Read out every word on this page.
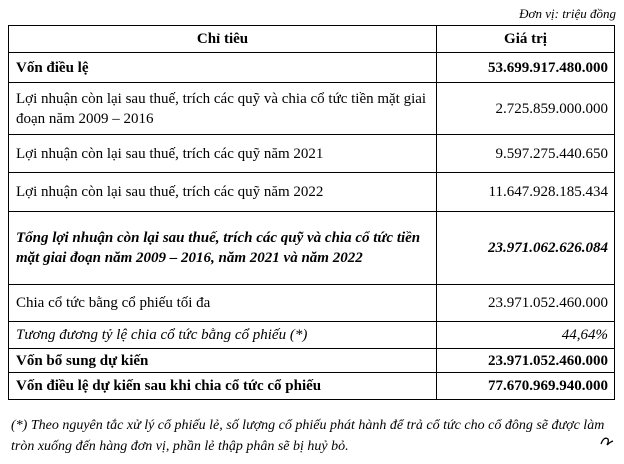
Đơn vị: triệu đồng
Chỉ tiêu	Giá trị
Vốn điều lệ	53.699.917.480.000
Lợi nhuận còn lại sau thuế, trích các quỹ và chia cổ tức tiền mặt giai đoạn năm 2009 – 2016	2.725.859.000.000
Lợi nhuận còn lại sau thuế, trích các quỹ năm 2021	9.597.275.440.650
Lợi nhuận còn lại sau thuế, trích các quỹ năm 2022	11.647.928.185.434
Tổng lợi nhuận còn lại sau thuế, trích các quỹ và chia cổ tức tiền mặt giai đoạn năm 2009 – 2016, năm 2021 và năm 2022	23.971.062.626.084
Chia cổ tức bằng cổ phiếu tối đa	23.971.052.460.000
Tương đương tỷ lệ chia cổ tức bằng cổ phiếu (*)	44,64%
Vốn bổ sung dự kiến	23.971.052.460.000
Vốn điều lệ dự kiến sau khi chia cổ tức cổ phiếu	77.670.969.940.000
(*) Theo nguyên tắc xử lý cổ phiếu lẻ, số lượng cổ phiếu phát hành để trả cổ tức cho cổ đông sẽ được làm tròn xuống đến hàng đơn vị, phần lẻ thập phân sẽ bị huỷ bỏ.
